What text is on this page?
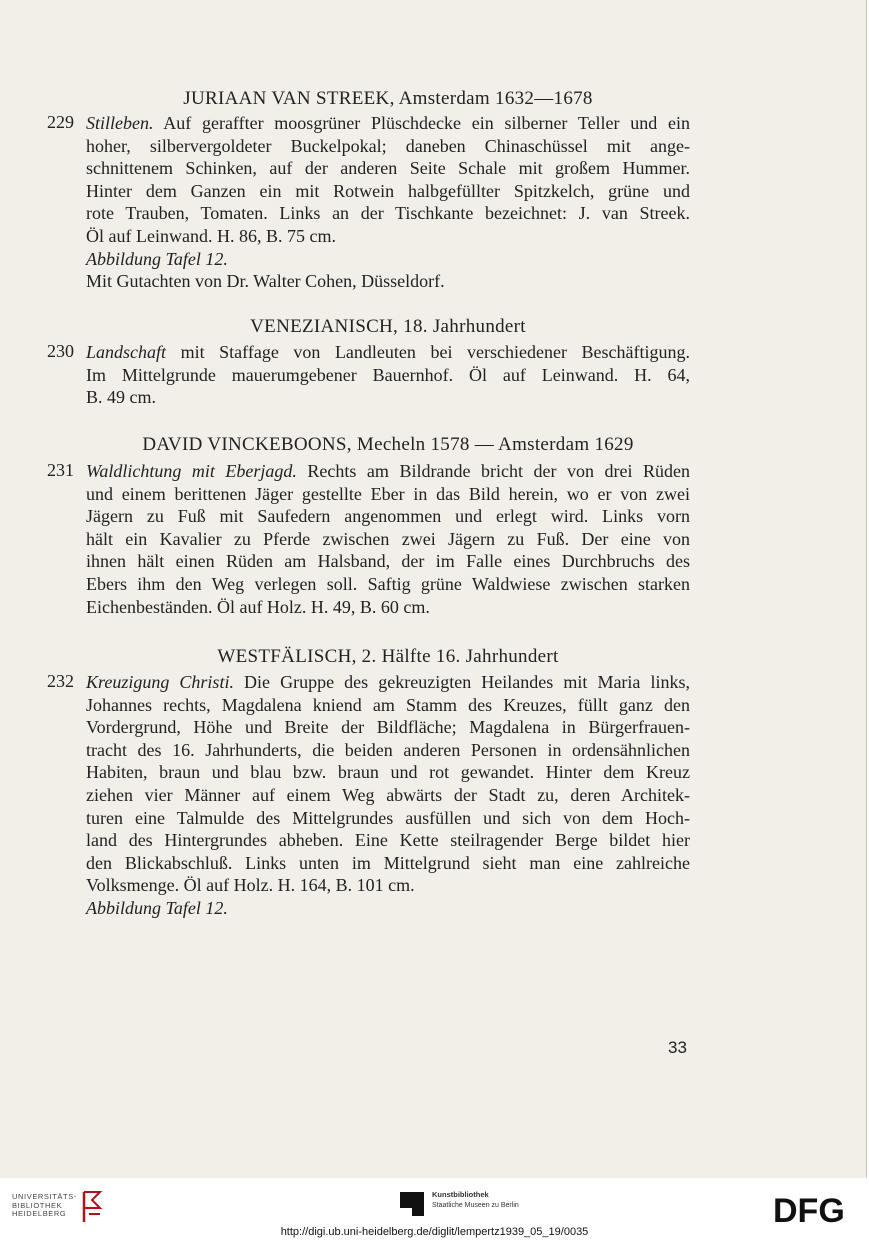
JURIAAN VAN STREEK, Amsterdam 1632—1678
229 Stilleben. Auf geraffter moosgrüner Plüschdecke ein silberner Teller und ein
hoher, silbervergoldeter Buckelpokal; daneben Chinaschüssel mit ange-
schnittenem Schinken, auf der anderen Seite Schale mit großem Hummer.
Hinter dem Ganzen ein mit Rotwein halbgefüllter Spitzkelch, grüne und
rote Trauben, Tomaten. Links an der Tischkante bezeichnet: J. van Streek.
Öl auf Leinwand. H. 86, B. 75 cm.
Abbildung Tafel 12.
Mit Gutachten von Dr. Walter Cohen, Düsseldorf.
VENEZIANISCH, 18. Jahrhundert
230 Landschaft mit Staffage von Landleuten bei verschiedener Beschäftigung.
Im Mittelgrunde mauerumgebener Bauernhof. Öl auf Leinwand. H. 64,
B. 49 cm.
DAVID VINCKEBOONS, Mecheln 1578 — Amsterdam 1629
231 Waldlichtung mit Eberjagd. Rechts am Bildrande bricht der von drei Rüden
und einem berittenen Jäger gestellte Eber in das Bild herein, wo er von zwei
Jägern zu Fuß mit Saufedern angenommen und erlegt wird. Links vorn
hält ein Kavalier zu Pferde zwischen zwei Jägern zu Fuß. Der eine von
ihnen hält einen Rüden am Halsband, der im Falle eines Durchbruchs des
Ebers ihm den Weg verlegen soll. Saftig grüne Waldwiese zwischen starken
Eichenbeständen. Öl auf Holz. H. 49, B. 60 cm.
WESTFÄLISCH, 2. Hälfte 16. Jahrhundert
232 Kreuzigung Christi. Die Gruppe des gekreuzigten Heilandes mit Maria links,
Johannes rechts, Magdalena kniend am Stamm des Kreuzes, füllt ganz den
Vordergrund, Höhe und Breite der Bildfläche; Magdalena in Bürgerfrauen-
tracht des 16. Jahrhunderts, die beiden anderen Personen in ordensähnlichen
Habiten, braun und blau bzw. braun und rot gewandet. Hinter dem Kreuz
ziehen vier Männer auf einem Weg abwärts der Stadt zu, deren Architek-
turen eine Talmulde des Mittelgrundes ausfüllen und sich von dem Hoch-
land des Hintergrundes abheben. Eine Kette steilragender Berge bildet hier
den Blickabschluß. Links unten im Mittelgrund sieht man eine zahlreiche
Volksmenge. Öl auf Holz. H. 164, B. 101 cm.
Abbildung Tafel 12.
33
UNIVERSITÄTS-
BIBLIOTHEK
HEIDELBERG
Kunstbibliothek
Staatliche Museen zu Berlin	DFG
http://digi.ub.uni-heidelberg.de/diglit/lempertz1939_05_19/0035
